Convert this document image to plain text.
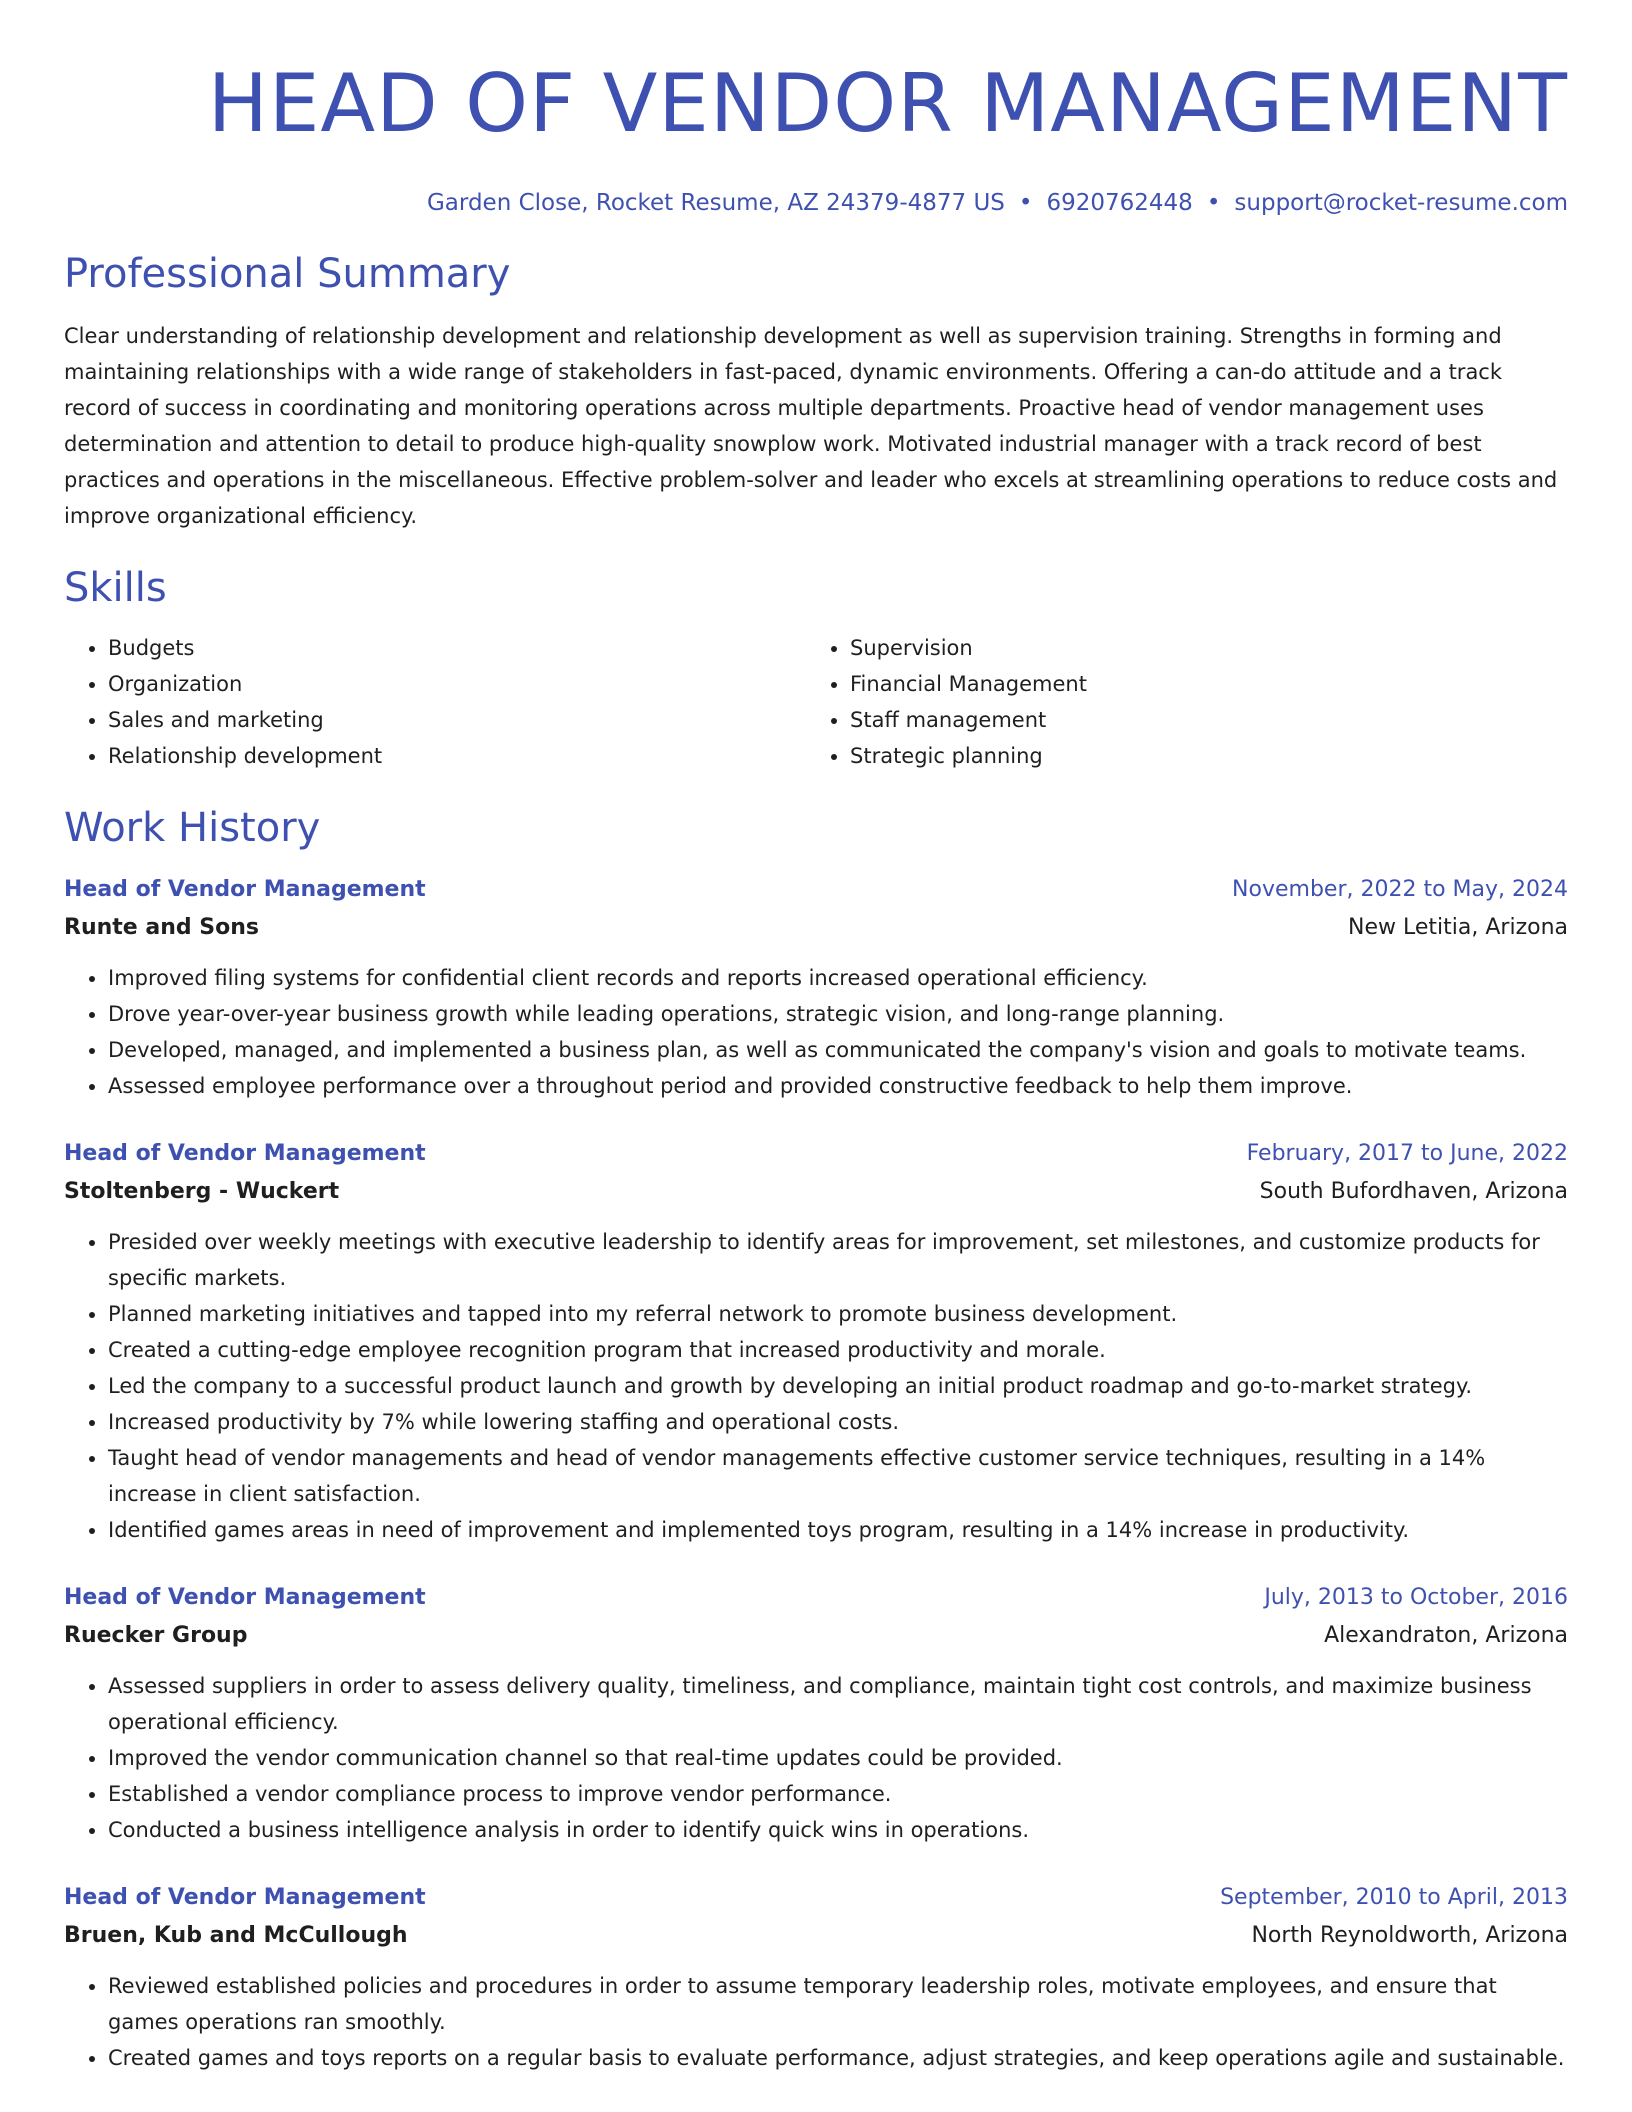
HEAD OF VENDOR MANAGEMENT
Garden Close, Rocket Resume, AZ 24379-4877 US • 6920762448 • support@rocket-resume.com
Professional Summary
Clear understanding of relationship development and relationship development as well as supervision training. Strengths in forming and maintaining relationships with a wide range of stakeholders in fast-paced, dynamic environments. Offering a can-do attitude and a track record of success in coordinating and monitoring operations across multiple departments. Proactive head of vendor management uses determination and attention to detail to produce high-quality snowplow work. Motivated industrial manager with a track record of best practices and operations in the miscellaneous. Effective problem-solver and leader who excels at streamlining operations to reduce costs and improve organizational efficiency.
Skills
• Budgets
• Organization
• Sales and marketing
• Relationship development
• Supervision
• Financial Management
• Staff management
• Strategic planning
Work History
Head of Vendor Management	November, 2022 to May, 2024
Runte and Sons	New Letitia, Arizona
• Improved filing systems for confidential client records and reports increased operational efficiency.
• Drove year-over-year business growth while leading operations, strategic vision, and long-range planning.
• Developed, managed, and implemented a business plan, as well as communicated the company's vision and goals to motivate teams.
• Assessed employee performance over a throughout period and provided constructive feedback to help them improve.
Head of Vendor Management	February, 2017 to June, 2022
Stoltenberg - Wuckert	South Bufordhaven, Arizona
• Presided over weekly meetings with executive leadership to identify areas for improvement, set milestones, and customize products for specific markets.
• Planned marketing initiatives and tapped into my referral network to promote business development.
• Created a cutting-edge employee recognition program that increased productivity and morale.
• Led the company to a successful product launch and growth by developing an initial product roadmap and go-to-market strategy.
• Increased productivity by 7% while lowering staffing and operational costs.
• Taught head of vendor managements and head of vendor managements effective customer service techniques, resulting in a 14% increase in client satisfaction.
• Identified games areas in need of improvement and implemented toys program, resulting in a 14% increase in productivity.
Head of Vendor Management	July, 2013 to October, 2016
Ruecker Group	Alexandraton, Arizona
• Assessed suppliers in order to assess delivery quality, timeliness, and compliance, maintain tight cost controls, and maximize business operational efficiency.
• Improved the vendor communication channel so that real-time updates could be provided.
• Established a vendor compliance process to improve vendor performance.
• Conducted a business intelligence analysis in order to identify quick wins in operations.
Head of Vendor Management	September, 2010 to April, 2013
Bruen, Kub and McCullough	North Reynoldworth, Arizona
• Reviewed established policies and procedures in order to assume temporary leadership roles, motivate employees, and ensure that games operations ran smoothly.
• Created games and toys reports on a regular basis to evaluate performance, adjust strategies, and keep operations agile and sustainable.
